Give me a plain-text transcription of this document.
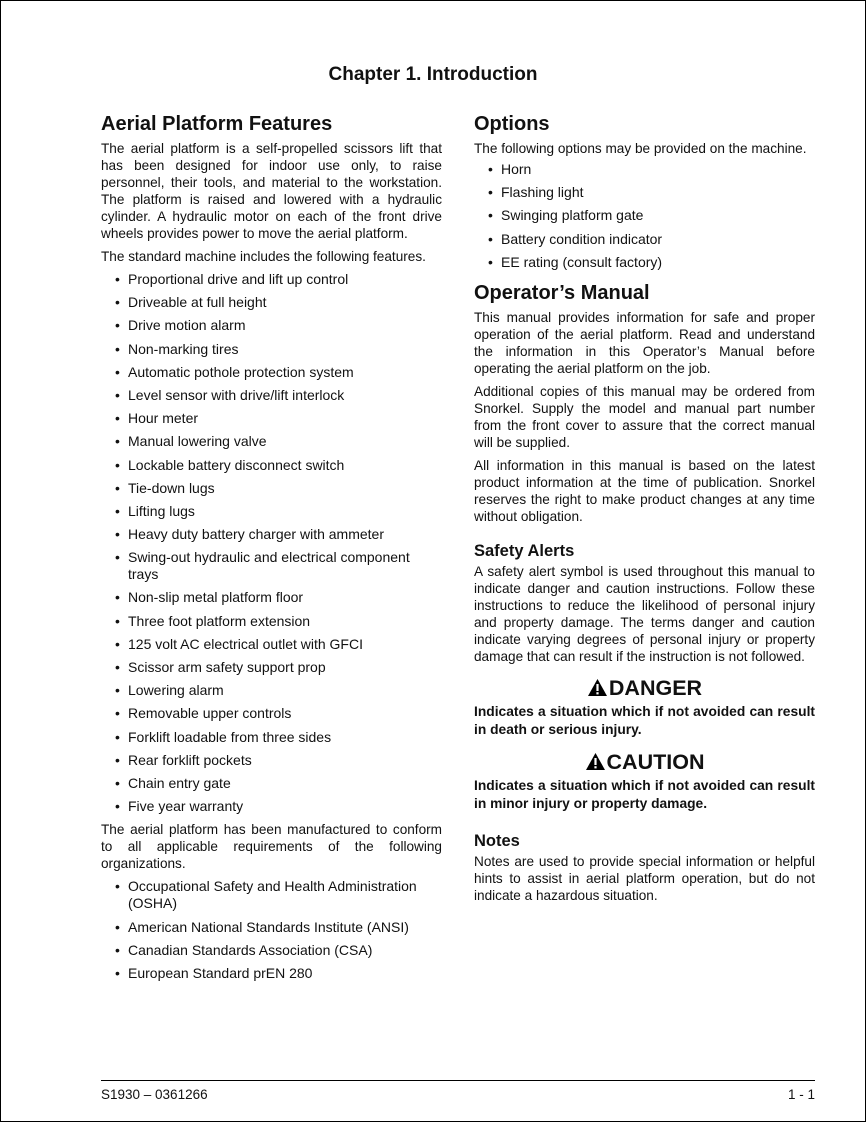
Chapter 1. Introduction
Aerial Platform Features

The aerial platform is a self-propelled scissors lift that has been designed for indoor use only, to raise personnel, their tools, and material to the workstation. The platform is raised and lowered with a hydraulic cylinder. A hydraulic motor on each of the front drive wheels provides power to move the aerial platform.

The standard machine includes the following features.

• Proportional drive and lift up control
• Driveable at full height
• Drive motion alarm
• Non-marking tires
• Automatic pothole protection system
• Level sensor with drive/lift interlock
• Hour meter
• Manual lowering valve
• Lockable battery disconnect switch
• Tie-down lugs
• Lifting lugs
• Heavy duty battery charger with ammeter
• Swing-out hydraulic and electrical component trays
• Non-slip metal platform floor
• Three foot platform extension
• 125 volt AC electrical outlet with GFCI
• Scissor arm safety support prop
• Lowering alarm
• Removable upper controls
• Forklift loadable from three sides
• Rear forklift pockets
• Chain entry gate
• Five year warranty

The aerial platform has been manufactured to conform to all applicable requirements of the following organizations.

• Occupational Safety and Health Administration (OSHA)
• American National Standards Institute (ANSI)
• Canadian Standards Association (CSA)
• European Standard prEN 280
Options

The following options may be provided on the machine.

• Horn
• Flashing light
• Swinging platform gate
• Battery condition indicator
• EE rating (consult factory)
Operator’s Manual

This manual provides information for safe and proper operation of the aerial platform. Read and understand the information in this Operator’s Manual before operating the aerial platform on the job.

Additional copies of this manual may be ordered from Snorkel. Supply the model and manual part number from the front cover to assure that the correct manual will be supplied.

All information in this manual is based on the latest product information at the time of publication. Snorkel reserves the right to make product changes at any time without obligation.

Safety Alerts

A safety alert symbol is used throughout this manual to indicate danger and caution instructions. Follow these instructions to reduce the likelihood of personal injury and property damage. The terms danger and caution indicate varying degrees of personal injury or property damage that can result if the instruction is not followed.

DANGER

Indicates a situation which if not avoided can result in death or serious injury.

CAUTION

Indicates a situation which if not avoided can result in minor injury or property damage.

Notes

Notes are used to provide special information or helpful hints to assist in aerial platform operation, but do not indicate a hazardous situation.

S1930 – 0361266	1 - 1
